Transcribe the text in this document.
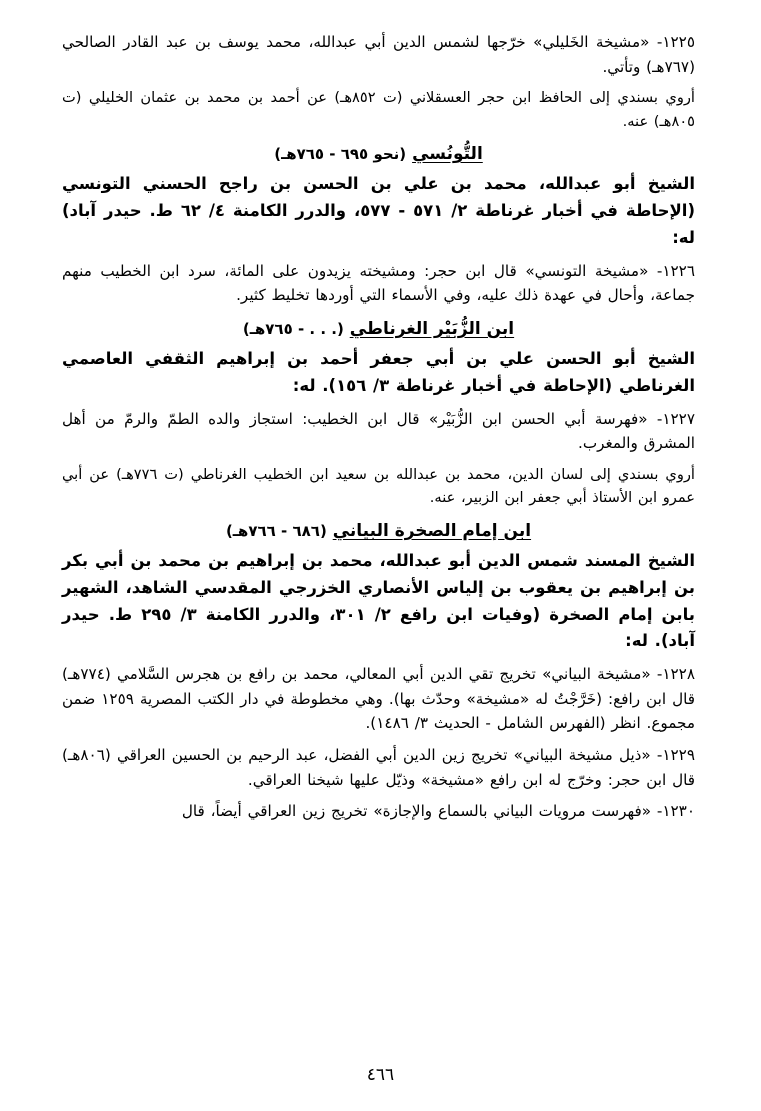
١٢٢٥- «مشيخة الخَليلي» خرّجها لشمس الدين أبي عبدالله، محمد يوسف بن عبد القادر الصالحي (٧٦٧هـ) وتأتي.

أروي بسندي إلى الحافظ ابن حجر العسقلاني (ت ٨٥٢هـ) عن أحمد بن محمد بن عثمان الخليلي (ت ٨٠٥هـ) عنه.

التُّونُسي (نحو ٦٩٥ - ٧٦٥هـ)

الشيخ أبو عبدالله، محمد بن علي بن الحسن بن راجح الحسني التونسي (الإحاطة في أخبار غرناطة ٢/ ٥٧١ - ٥٧٧، والدرر الكامنة ٤/ ٦٢ ط. حيدر آباد) له:

١٢٢٦- «مشيخة التونسي» قال ابن حجر: ومشيخته يزيدون على المائة، سرد ابن الخطيب منهم جماعة، وأحال في عهدة ذلك عليه، وفي الأسماء التي أوردها تخليط كثير.

ابن الزُّبَيْر الغرناطي (. . . - ٧٦٥هـ)

الشيخ أبو الحسن علي بن أبي جعفر أحمد بن إبراهيم الثقفي العاصمي الغرناطي (الإحاطة في أخبار غرناطة ٣/ ١٥٦). له:

١٢٢٧- «فهرسة أبي الحسن ابن الزُّبَيْر» قال ابن الخطيب: استجاز والده الطمّ والرمّ من أهل المشرق والمغرب.

أروي بسندي إلى لسان الدين، محمد بن عبدالله بن سعيد ابن الخطيب الغرناطي (ت ٧٧٦هـ) عن أبي عمرو ابن الأستاذ أبي جعفر ابن الزبير، عنه.

ابن إمام الصخرة البياني (٦٨٦ - ٧٦٦هـ)

الشيخ المسند شمس الدين أبو عبدالله، محمد بن إبراهيم بن محمد بن أبي بكر بن إبراهيم بن يعقوب بن إلياس الأنصاري الخزرجي المقدسي الشاهد، الشهير بابن إمام الصخرة (وفيات ابن رافع ٢/ ٣٠١، والدرر الكامنة ٣/ ٢٩٥ ط. حيدر آباد). له:

١٢٢٨- «مشيخة البياني» تخريج تقي الدين أبي المعالي، محمد بن رافع بن هجرس السَّلامي (٧٧٤هـ) قال ابن رافع: (خَرَّجْتُ له «مشيخة» وحدّث بها). وهي مخطوطة في دار الكتب المصرية ١٢٥٩ ضمن مجموع. انظر (الفهرس الشامل - الحديث ٣/ ١٤٨٦).

١٢٢٩- «ذيل مشيخة البياني» تخريج زين الدين أبي الفضل، عبد الرحيم بن الحسين العراقي (٨٠٦هـ) قال ابن حجر: وخرّج له ابن رافع «مشيخة» وذيّل عليها شيخنا العراقي.

١٢٣٠- «فهرست مرويات البياني بالسماع والإجازة» تخريج زين العراقي أيضاً، قال

٤٦٦
